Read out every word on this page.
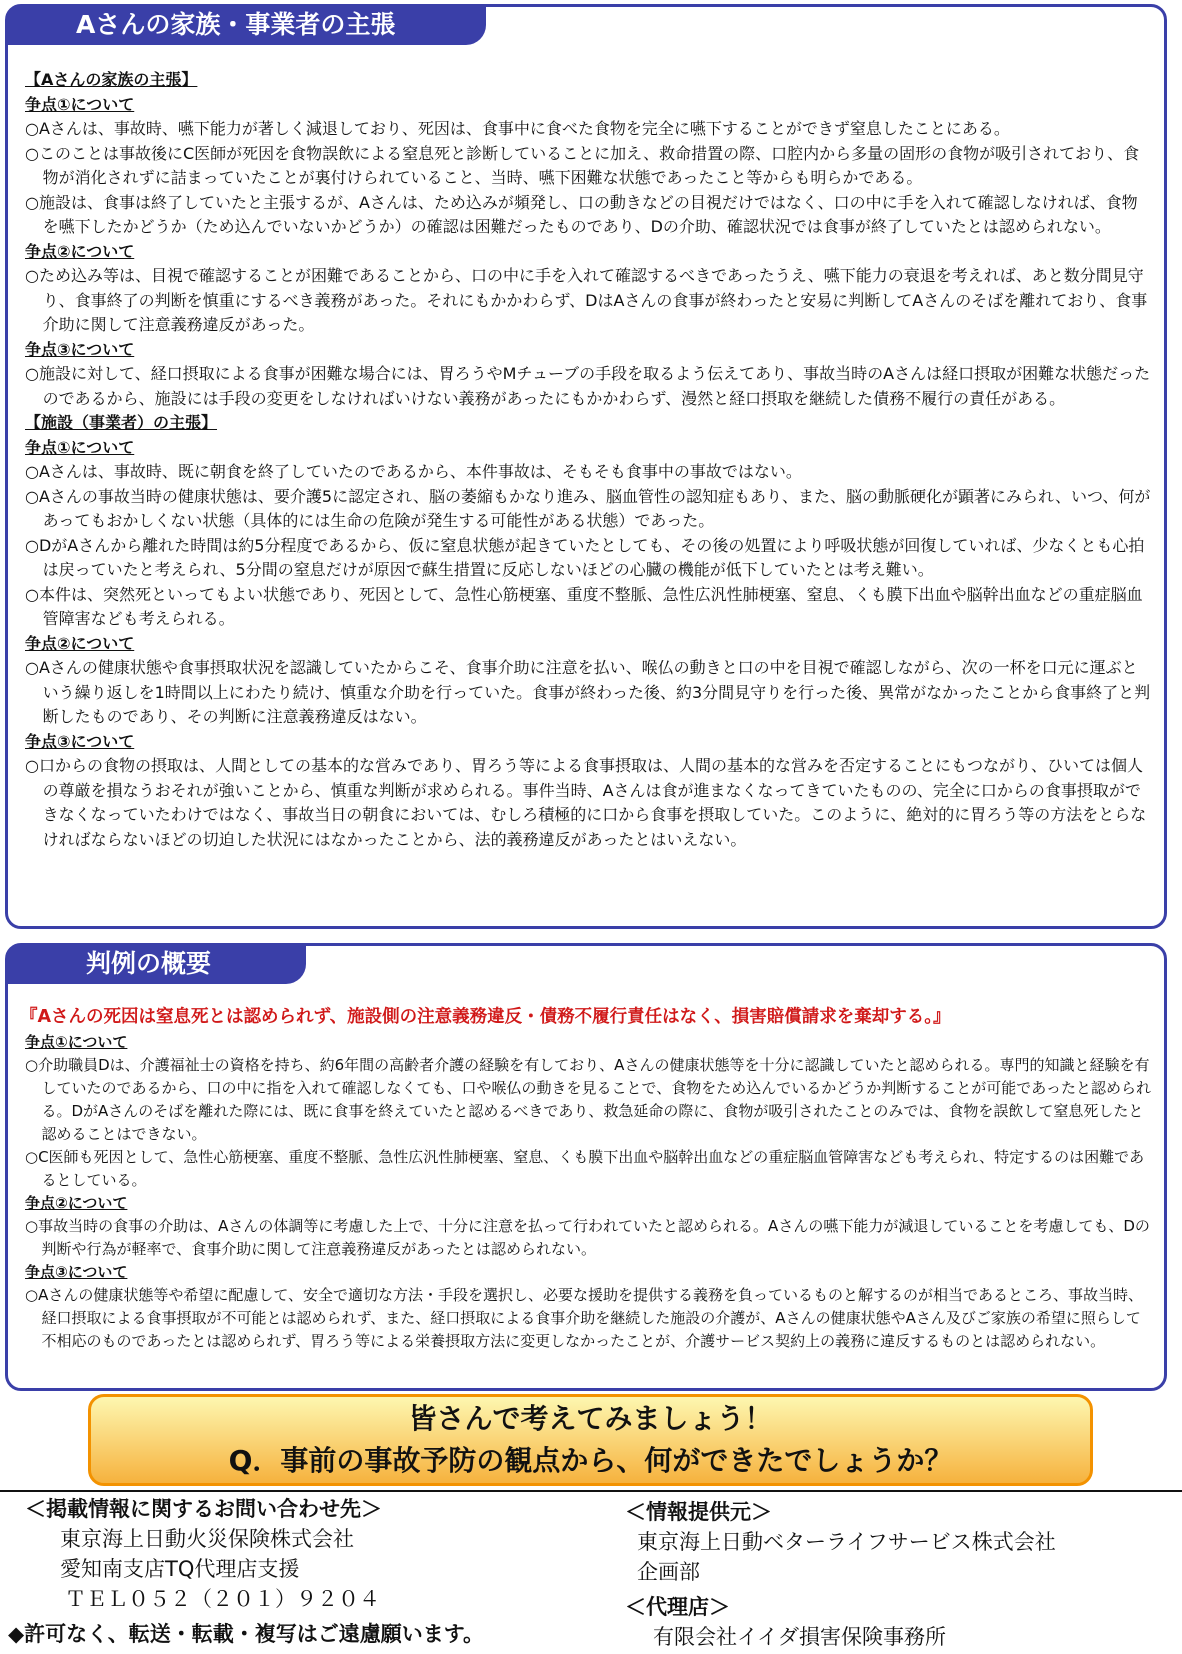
Aさんの家族・事業者の主張
【Aさんの家族の主張】
争点①について
○Aさんは、事故時、嚥下能力が著しく減退しており、死因は、食事中に食べた食物を完全に嚥下することができず窒息したことにある。
○このことは事故後にC医師が死因を食物誤飲による窒息死と診断していることに加え、救命措置の際、口腔内から多量の固形の食物が吸引されており、食物が消化されずに詰まっていたことが裏付けられていること、当時、嚥下困難な状態であったこと等からも明らかである。
○施設は、食事は終了していたと主張するが、Aさんは、ため込みが頻発し、口の動きなどの目視だけではなく、口の中に手を入れて確認しなければ、食物を嚥下したかどうか（ため込んでいないかどうか）の確認は困難だったものであり、Dの介助、確認状況では食事が終了していたとは認められない。
争点②について
○ため込み等は、目視で確認することが困難であることから、口の中に手を入れて確認するべきであったうえ、嚥下能力の衰退を考えれば、あと数分間見守り、食事終了の判断を慎重にするべき義務があった。それにもかかわらず、DはAさんの食事が終わったと安易に判断してAさんのそばを離れており、食事介助に関して注意義務違反があった。
争点③について
○施設に対して、経口摂取による食事が困難な場合には、胃ろうやMチューブの手段を取るよう伝えてあり、事故当時のAさんは経口摂取が困難な状態だったのであるから、施設には手段の変更をしなければいけない義務があったにもかかわらず、漫然と経口摂取を継続した債務不履行の責任がある。
【施設（事業者）の主張】
争点①について
○Aさんは、事故時、既に朝食を終了していたのであるから、本件事故は、そもそも食事中の事故ではない。
○Aさんの事故当時の健康状態は、要介護5に認定され、脳の萎縮もかなり進み、脳血管性の認知症もあり、また、脳の動脈硬化が顕著にみられ、いつ、何があってもおかしくない状態（具体的には生命の危険が発生する可能性がある状態）であった。
○DがAさんから離れた時間は約5分程度であるから、仮に窒息状態が起きていたとしても、その後の処置により呼吸状態が回復していれば、少なくとも心拍は戻っていたと考えられ、5分間の窒息だけが原因で蘇生措置に反応しないほどの心臓の機能が低下していたとは考え難い。
○本件は、突然死といってもよい状態であり、死因として、急性心筋梗塞、重度不整脈、急性広汎性肺梗塞、窒息、くも膜下出血や脳幹出血などの重症脳血管障害なども考えられる。
争点②について
○Aさんの健康状態や食事摂取状況を認識していたからこそ、食事介助に注意を払い、喉仏の動きと口の中を目視で確認しながら、次の一杯を口元に運ぶという繰り返しを1時間以上にわたり続け、慎重な介助を行っていた。食事が終わった後、約3分間見守りを行った後、異常がなかったことから食事終了と判断したものであり、その判断に注意義務違反はない。
争点③について
○口からの食物の摂取は、人間としての基本的な営みであり、胃ろう等による食事摂取は、人間の基本的な営みを否定することにもつながり、ひいては個人の尊厳を損なうおそれが強いことから、慎重な判断が求められる。事件当時、Aさんは食が進まなくなってきていたものの、完全に口からの食事摂取ができなくなっていたわけではなく、事故当日の朝食においては、むしろ積極的に口から食事を摂取していた。このように、絶対的に胃ろう等の方法をとらなければならないほどの切迫した状況にはなかったことから、法的義務違反があったとはいえない。
判例の概要
『Aさんの死因は窒息死とは認められず、施設側の注意義務違反・債務不履行責任はなく、損害賠償請求を棄却する。』
争点①について
○介助職員Dは、介護福祉士の資格を持ち、約6年間の高齢者介護の経験を有しており、Aさんの健康状態等を十分に認識していたと認められる。専門的知識と経験を有していたのであるから、口の中に指を入れて確認しなくても、口や喉仏の動きを見ることで、食物をため込んでいるかどうか判断することが可能であったと認められる。DがAさんのそばを離れた際には、既に食事を終えていたと認めるべきであり、救急延命の際に、食物が吸引されたことのみでは、食物を誤飲して窒息死したと認めることはできない。
○C医師も死因として、急性心筋梗塞、重度不整脈、急性広汎性肺梗塞、窒息、くも膜下出血や脳幹出血などの重症脳血管障害なども考えられ、特定するのは困難であるとしている。
争点②について
○事故当時の食事の介助は、Aさんの体調等に考慮した上で、十分に注意を払って行われていたと認められる。Aさんの嚥下能力が減退していることを考慮しても、Dの判断や行為が軽率で、食事介助に関して注意義務違反があったとは認められない。
争点③について
○Aさんの健康状態等や希望に配慮して、安全で適切な方法・手段を選択し、必要な援助を提供する義務を負っているものと解するのが相当であるところ、事故当時、経口摂取による食事摂取が不可能とは認められず、また、経口摂取による食事介助を継続した施設の介護が、Aさんの健康状態やAさん及びご家族の希望に照らして不相応のものであったとは認められず、胃ろう等による栄養摂取方法に変更しなかったことが、介護サービス契約上の義務に違反するものとは認められない。
皆さんで考えてみましょう！
Q．事前の事故予防の観点から、何ができたでしょうか？
＜掲載情報に関するお問い合わせ先＞
東京海上日動火災保険株式会社
愛知南支店TQ代理店支援
ＴＥＬ０５２（２０１）９２０４
◆許可なく、転送・転載・複写はご遠慮願います。
＜情報提供元＞
東京海上日動ベターライフサービス株式会社
企画部
＜代理店＞
有限会社イイダ損害保険事務所
